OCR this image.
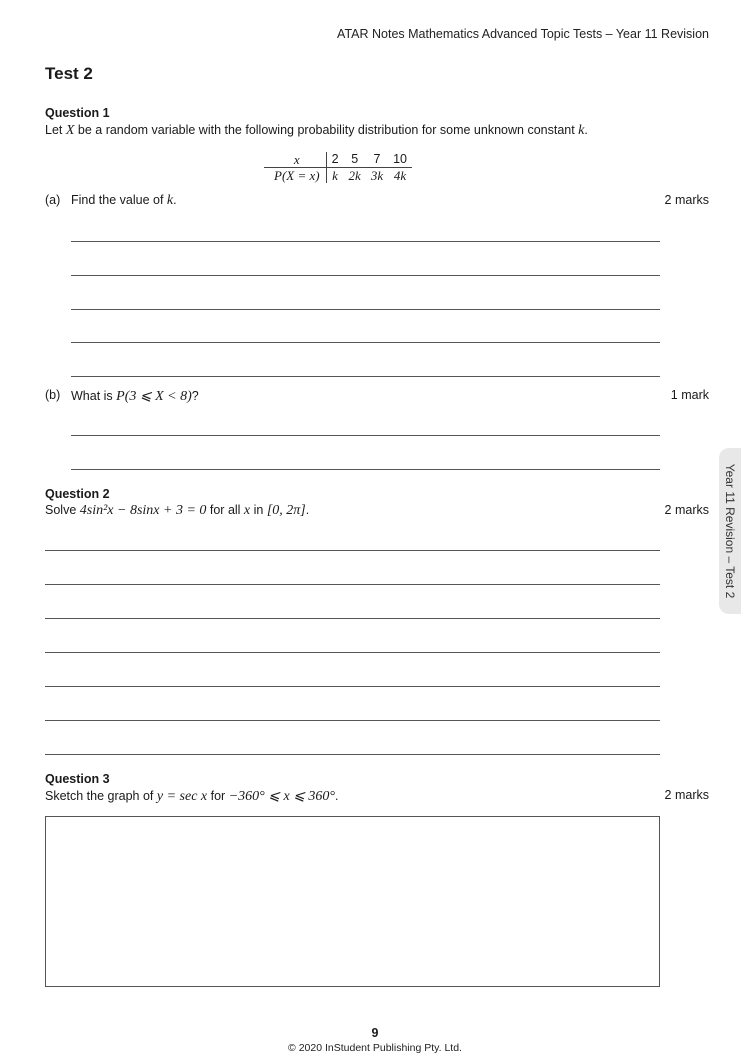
ATAR Notes Mathematics Advanced Topic Tests – Year 11 Revision
Test 2
Year 11 Revision – Test 2
Question 1
Let X be a random variable with the following probability distribution for some unknown constant k.
x	2	5	7	10
P(X = x)	k	2k	3k	4k
(a) Find the value of k.	2 marks
(b) What is P(3 ⩽ X < 8)?	1 mark
Question 2
Solve 4sin²x − 8sinx + 3 = 0 for all x in [0, 2π].	2 marks
Question 3
Sketch the graph of y = sec x for −360° ⩽ x ⩽ 360°.	2 marks
9
© 2020 InStudent Publishing Pty. Ltd.
